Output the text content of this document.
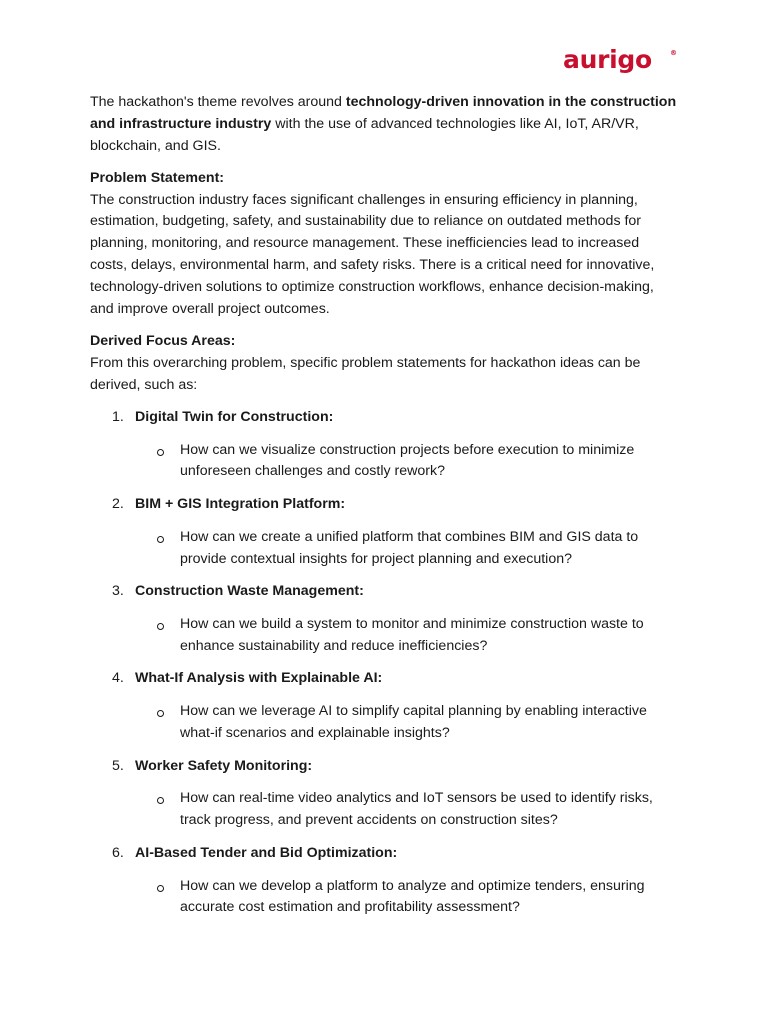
aurigo	®

The hackathon's theme revolves around technology-driven innovation in the construction and infrastructure industry with the use of advanced technologies like AI, IoT, AR/VR, blockchain, and GIS.

Problem Statement:
The construction industry faces significant challenges in ensuring efficiency in planning, estimation, budgeting, safety, and sustainability due to reliance on outdated methods for planning, monitoring, and resource management. These inefficiencies lead to increased costs, delays, environmental harm, and safety risks. There is a critical need for innovative, technology-driven solutions to optimize construction workflows, enhance decision-making, and improve overall project outcomes.
Derived Focus Areas:
From this overarching problem, specific problem statements for hackathon ideas can be derived, such as:
1. Digital Twin for Construction:
How can we visualize construction projects before execution to minimize unforeseen challenges and costly rework?
2. BIM + GIS Integration Platform:
How can we create a unified platform that combines BIM and GIS data to provide contextual insights for project planning and execution?
3. Construction Waste Management:
How can we build a system to monitor and minimize construction waste to enhance sustainability and reduce inefficiencies?
4. What-If Analysis with Explainable AI:
How can we leverage AI to simplify capital planning by enabling interactive what-if scenarios and explainable insights?
5. Worker Safety Monitoring:
How can real-time video analytics and IoT sensors be used to identify risks, track progress, and prevent accidents on construction sites?
6. AI-Based Tender and Bid Optimization:
How can we develop a platform to analyze and optimize tenders, ensuring accurate cost estimation and profitability assessment?
